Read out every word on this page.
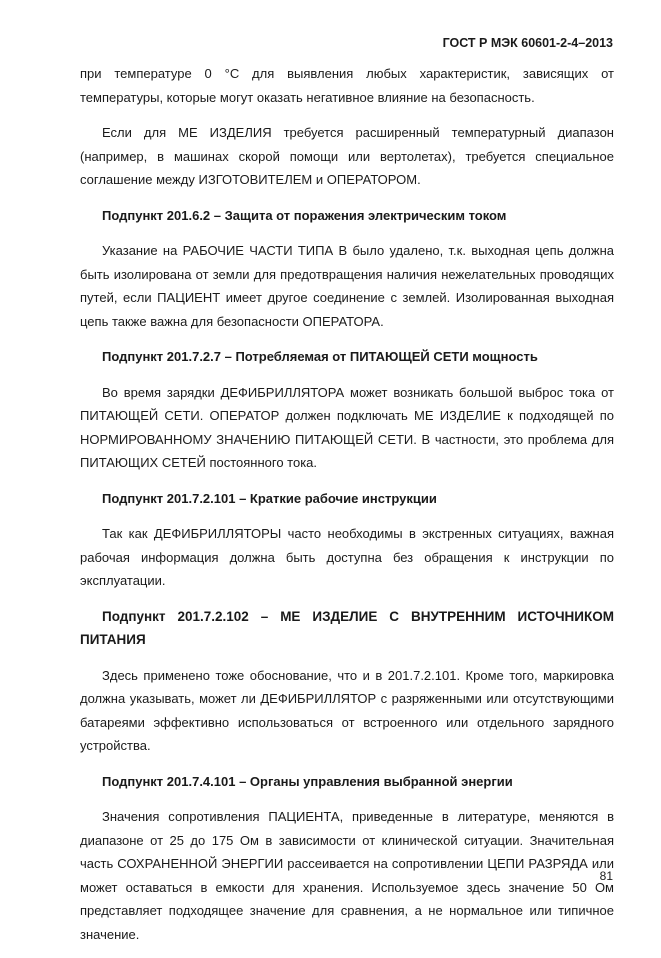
ГОСТ Р МЭК 60601-2-4–2013

при температуре 0 °С для выявления любых характеристик, зависящих от температуры, которые могут оказать негативное влияние на безопасность.

Если для МЕ ИЗДЕЛИЯ требуется расширенный температурный диапазон (например, в машинах скорой помощи или вертолетах), требуется специальное соглашение между ИЗГОТОВИТЕЛЕМ и ОПЕРАТОРОМ.

Подпункт 201.6.2 – Защита от поражения электрическим током

Указание на РАБОЧИЕ ЧАСТИ ТИПА В было удалено, т.к. выходная цепь должна быть изолирована от земли для предотвращения наличия нежелательных проводящих путей, если ПАЦИЕНТ имеет другое соединение с землей. Изолированная выходная цепь также важна для безопасности ОПЕРАТОРА.

Подпункт 201.7.2.7 – Потребляемая от ПИТАЮЩЕЙ СЕТИ мощность

Во время зарядки ДЕФИБРИЛЛЯТОРА может возникать большой выброс тока от ПИТАЮЩЕЙ СЕТИ. ОПЕРАТОР должен подключать МЕ ИЗДЕЛИЕ к подходящей по НОРМИРОВАННОМУ ЗНАЧЕНИЮ ПИТАЮЩЕЙ СЕТИ. В частности, это проблема для ПИТАЮЩИХ СЕТЕЙ постоянного тока.

Подпункт 201.7.2.101 – Краткие рабочие инструкции

Так как ДЕФИБРИЛЛЯТОРЫ часто необходимы в экстренных ситуациях, важная рабочая информация должна быть доступна без обращения к инструкции по эксплуатации.

Подпункт 201.7.2.102 – МЕ ИЗДЕЛИЕ С ВНУТРЕННИМ ИСТОЧНИКОМ ПИТАНИЯ

Здесь применено тоже обоснование, что и в 201.7.2.101. Кроме того, маркировка должна указывать, может ли ДЕФИБРИЛЛЯТОР с разряженными или отсутствующими батареями эффективно использоваться от встроенного или отдельного зарядного устройства.

Подпункт 201.7.4.101 – Органы управления выбранной энергии

Значения сопротивления ПАЦИЕНТА, приведенные в литературе, меняются в диапазоне от 25 до 175 Ом в зависимости от клинической ситуации. Значительная часть СОХРАНЕННОЙ ЭНЕРГИИ рассеивается на сопротивлении ЦЕПИ РАЗРЯДА или может оставаться в емкости для хранения. Используемое здесь значение 50 Ом представляет подходящее значение для сравнения, а не нормальное или типичное значение.

81
